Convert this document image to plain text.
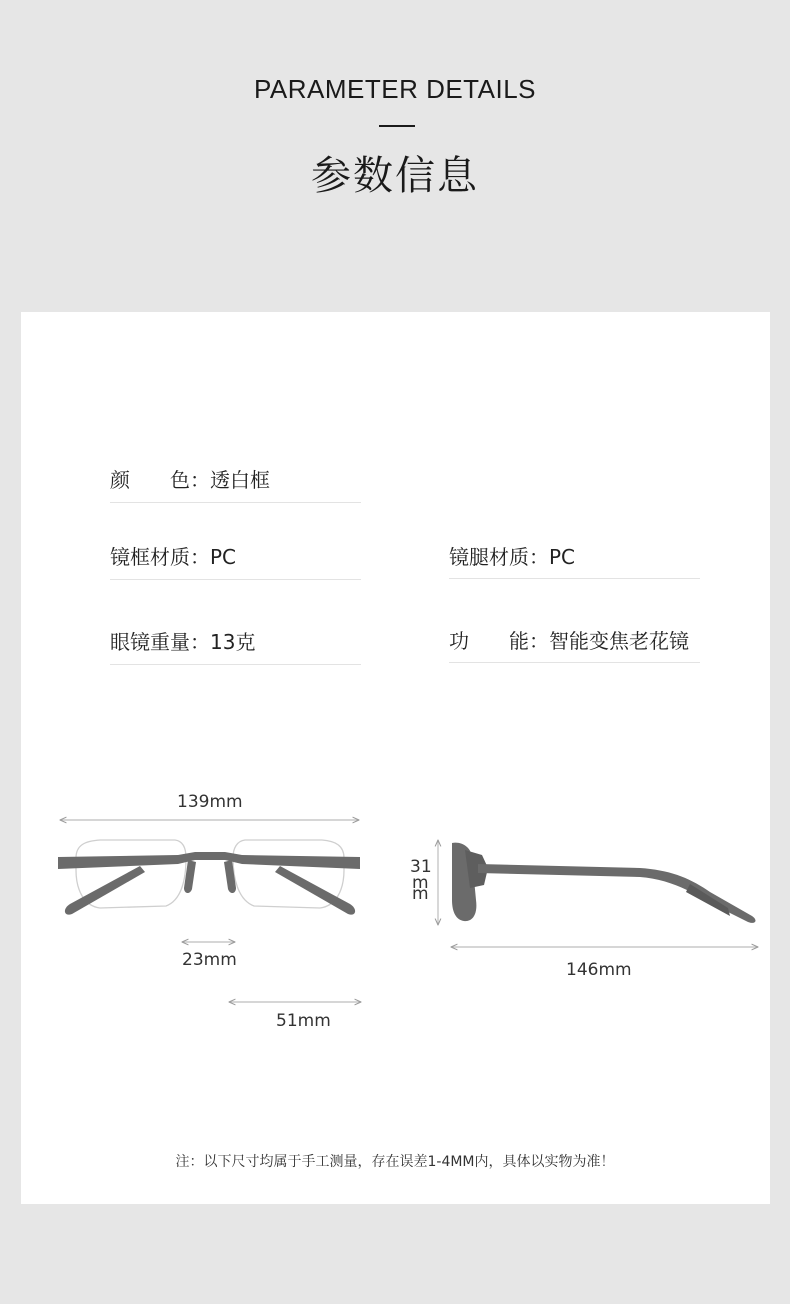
PARAMETER DETAILS
参数信息
颜　　色：透白框
镜框材质：PC	镜腿材质：PC
眼镜重量：13克	功　　能：智能变焦老花镜
139mm
23mm
51mm
31
mm
146mm
注：以下尺寸均属于手工测量，存在误差1-4MM内，具体以实物为准！
